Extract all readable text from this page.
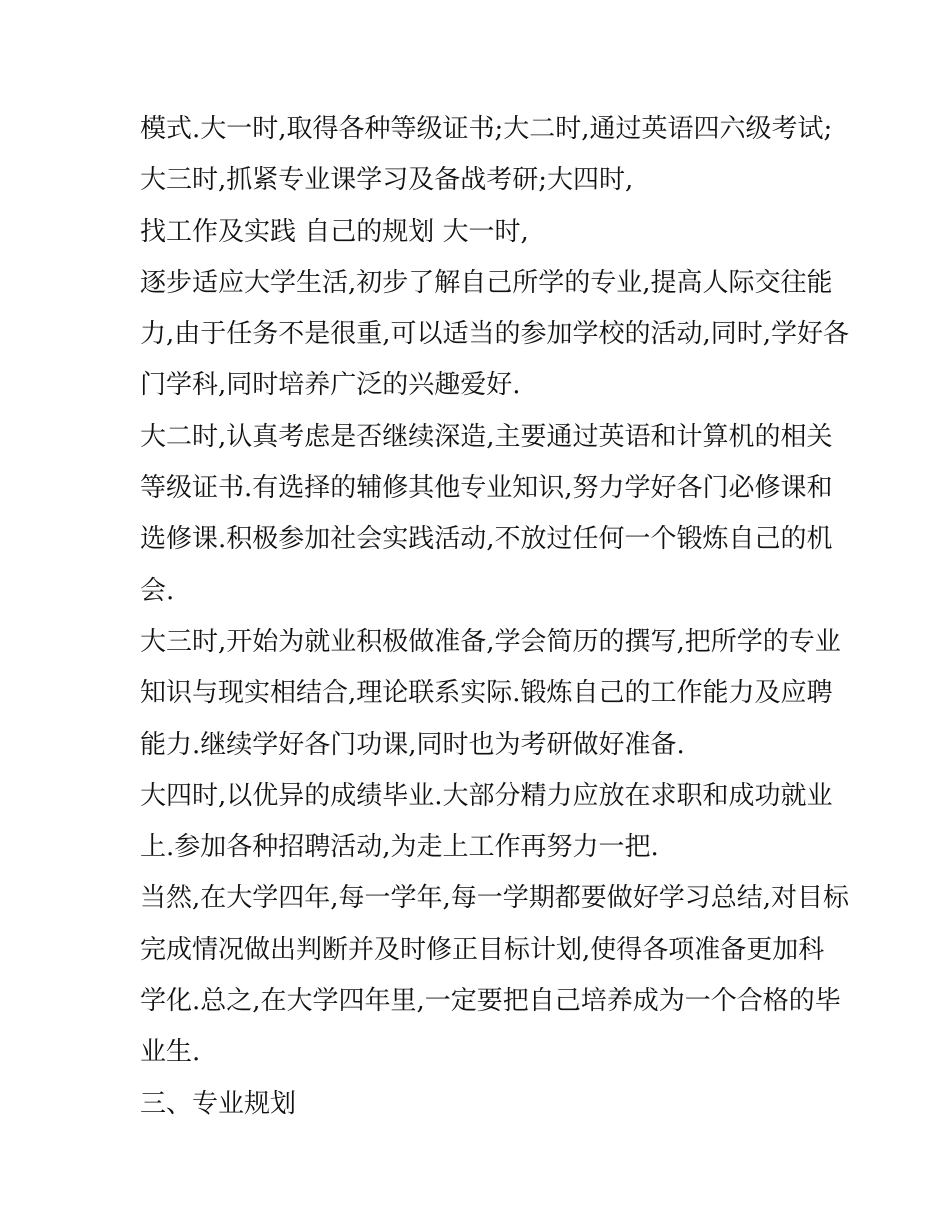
模式.大一时,取得各种等级证书;大二时,通过英语四六级考试;
大三时,抓紧专业课学习及备战考研;大四时,
找工作及实践 自己的规划 大一时,
逐步适应大学生活,初步了解自己所学的专业,提高人际交往能
力,由于任务不是很重,可以适当的参加学校的活动,同时,学好各
门学科,同时培养广泛的兴趣爱好.
大二时,认真考虑是否继续深造,主要通过英语和计算机的相关
等级证书.有选择的辅修其他专业知识,努力学好各门必修课和
选修课.积极参加社会实践活动,不放过任何一个锻炼自己的机
会.
大三时,开始为就业积极做准备,学会简历的撰写,把所学的专业
知识与现实相结合,理论联系实际.锻炼自己的工作能力及应聘
能力.继续学好各门功课,同时也为考研做好准备.
大四时,以优异的成绩毕业.大部分精力应放在求职和成功就业
上.参加各种招聘活动,为走上工作再努力一把.
当然,在大学四年,每一学年,每一学期都要做好学习总结,对目标
完成情况做出判断并及时修正目标计划,使得各项准备更加科
学化.总之,在大学四年里,一定要把自己培养成为一个合格的毕
业生.
三、专业规划
